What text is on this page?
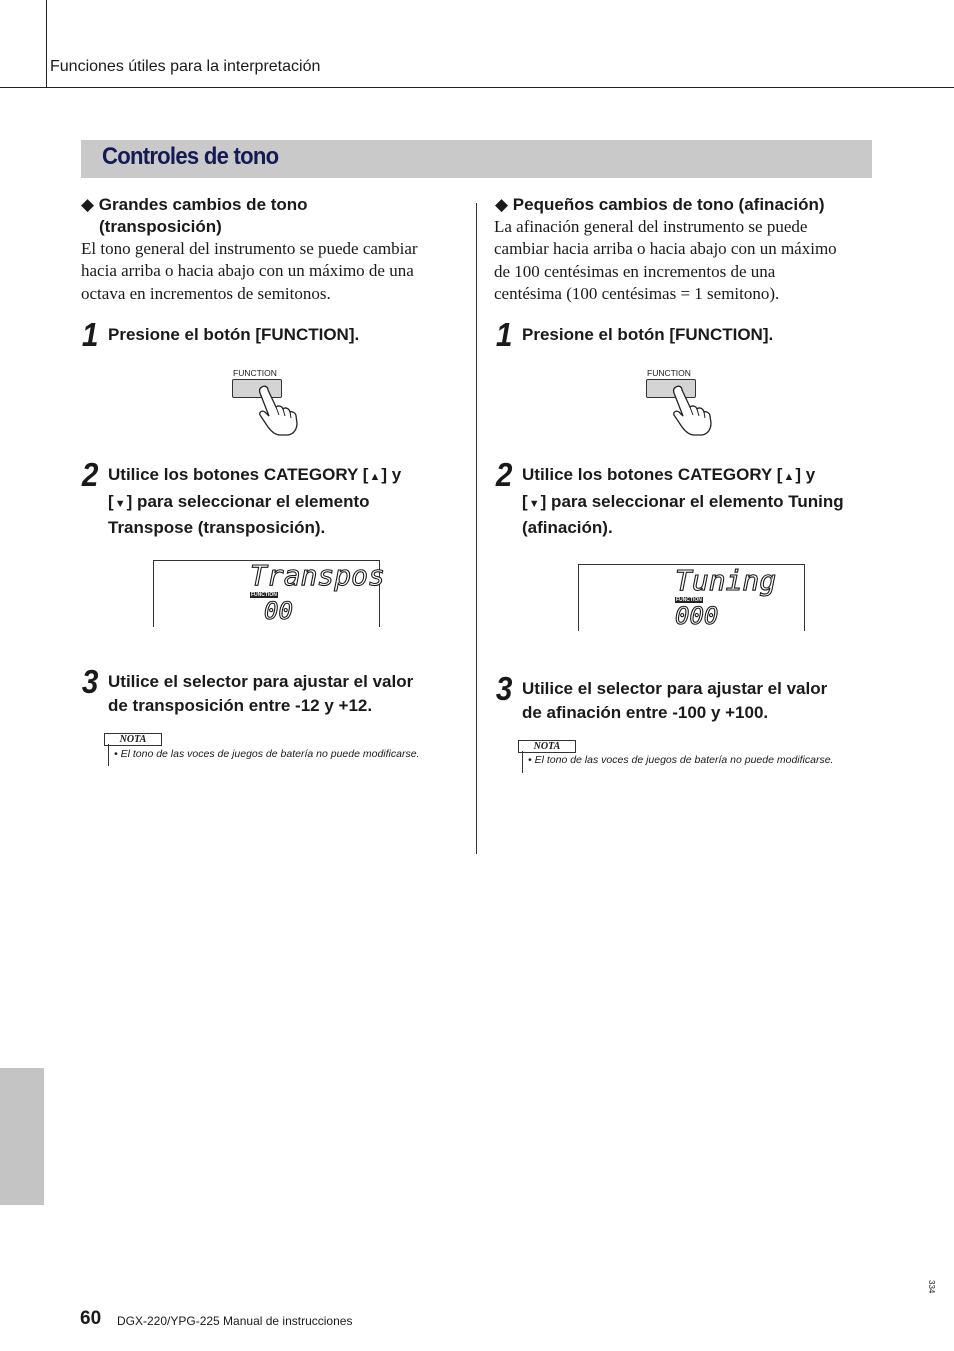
Funciones útiles para la interpretación
Controles de tono
◆ Grandes cambios de tono
(transposición)
El tono general del instrumento se puede cambiar
hacia arriba o hacia abajo con un máximo de una
octava en incrementos de semitonos.
1 Presione el botón [FUNCTION].
FUNCTION
2 Utilice los botones CATEGORY [▲] y
[▼] para seleccionar el elemento
Transpose (transposición).
Transpos
FUNCTION
00
3 Utilice el selector para ajustar el valor
de transposición entre -12 y +12.
NOTA
• El tono de las voces de juegos de batería no puede modificarse.
◆ Pequeños cambios de tono (afinación)
La afinación general del instrumento se puede
cambiar hacia arriba o hacia abajo con un máximo
de 100 centésimas en incrementos de una
centésima (100 centésimas = 1 semitono).
1 Presione el botón [FUNCTION].
FUNCTION
2 Utilice los botones CATEGORY [▲] y
[▼] para seleccionar el elemento Tuning
(afinación).
Tuning
FUNCTION
000
3 Utilice el selector para ajustar el valor
de afinación entre -100 y +100.
NOTA
• El tono de las voces de juegos de batería no puede modificarse.
60 DGX-220/YPG-225 Manual de instrucciones
334
